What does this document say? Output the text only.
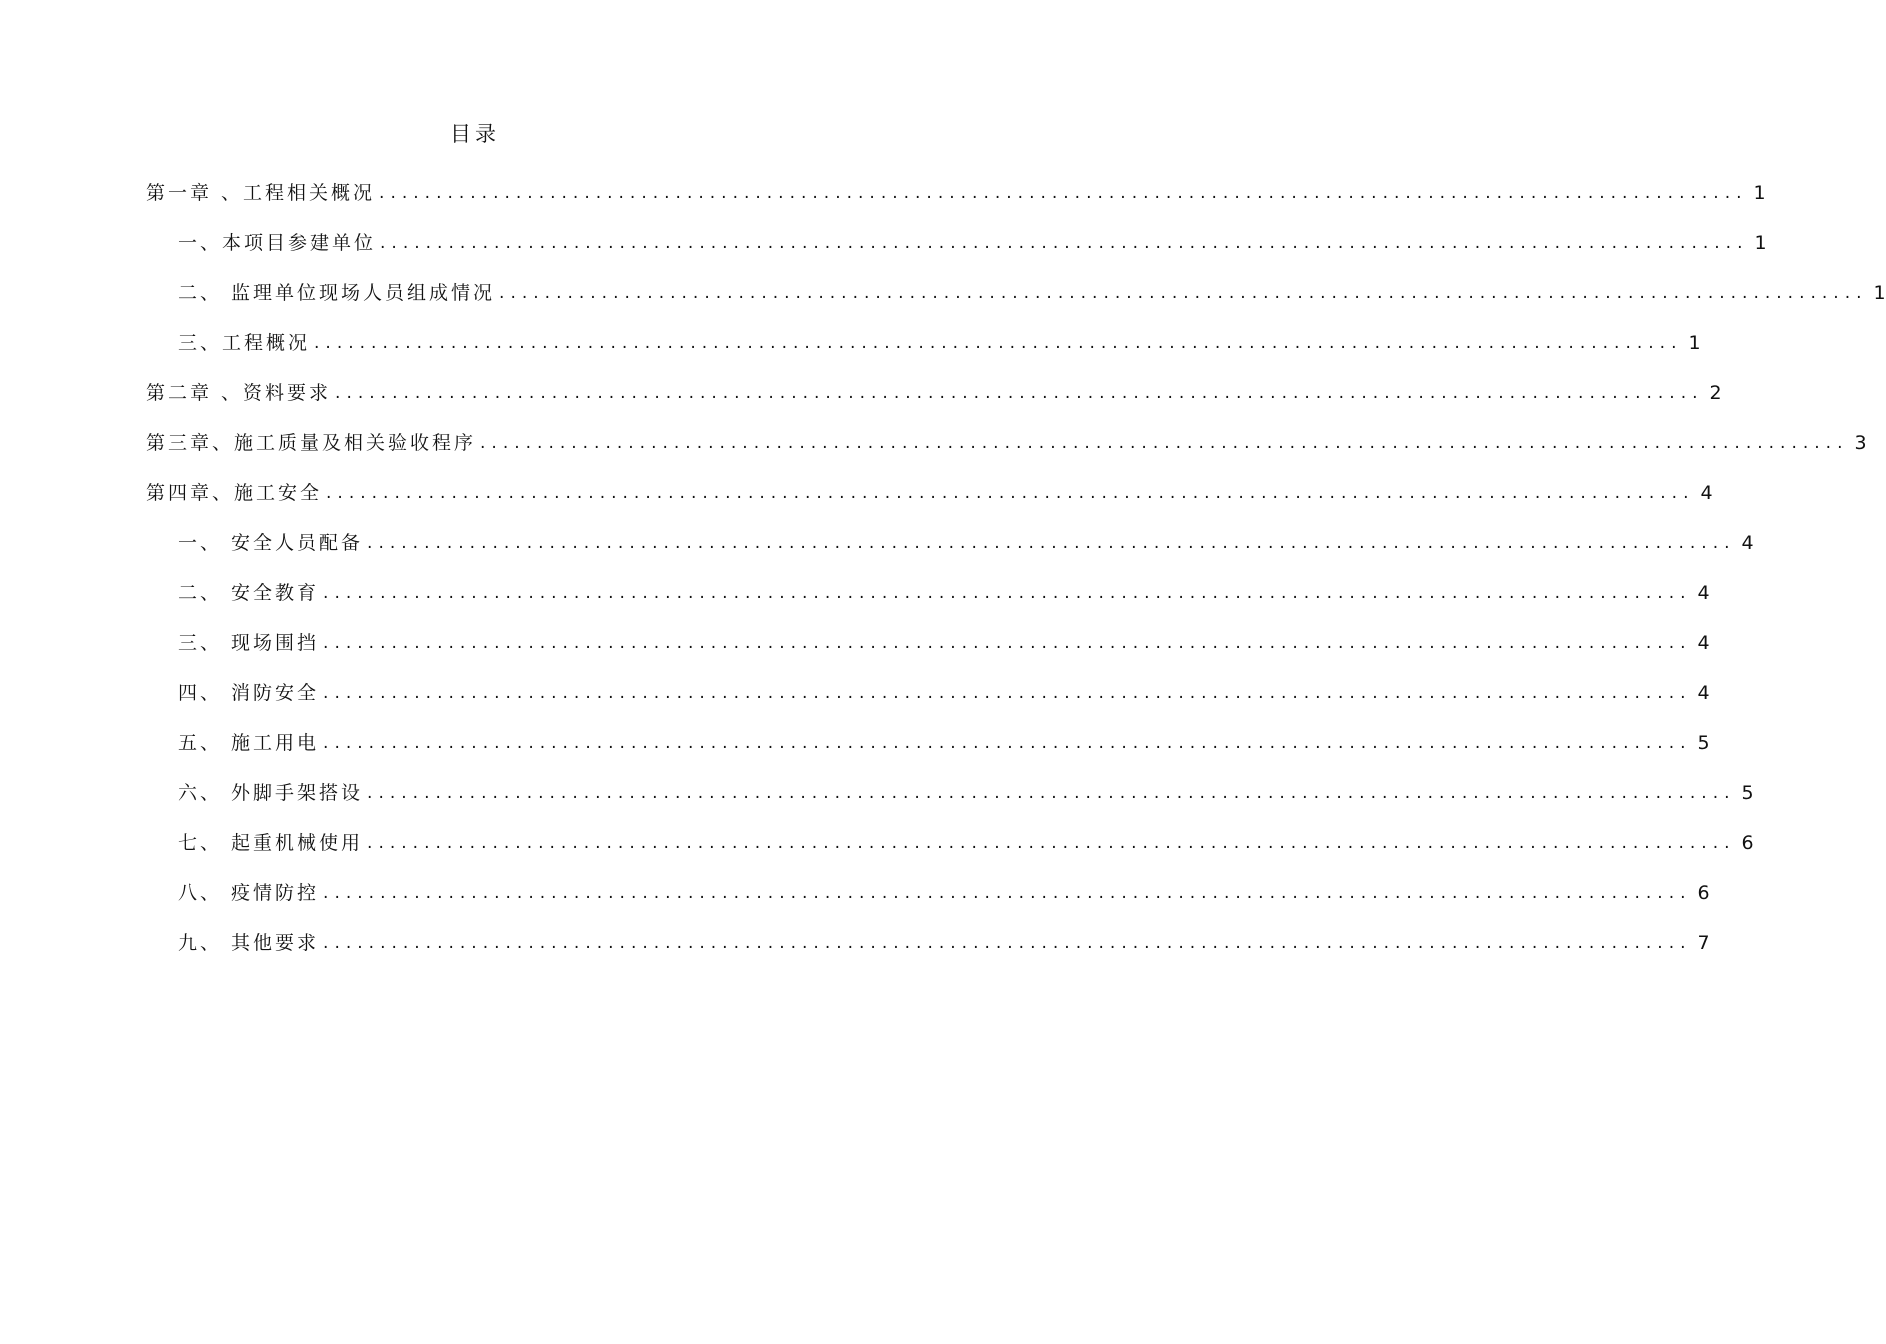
目录
第一章 、工程相关概况 ........................................................................................................................ 1
一、本项目参建单位 ........................................................................................................................ 1
二、 监理单位现场人员组成情况 ........................................................................................................................ 1
三、工程概况 ........................................................................................................................ 1
第二章 、资料要求 ........................................................................................................................ 2
第三章、施工质量及相关验收程序 ........................................................................................................................ 3
第四章、施工安全 ........................................................................................................................ 4
一、 安全人员配备 ........................................................................................................................ 4
二、 安全教育 ........................................................................................................................ 4
三、 现场围挡 ........................................................................................................................ 4
四、 消防安全 ........................................................................................................................ 4
五、 施工用电 ........................................................................................................................ 5
六、 外脚手架搭设 ........................................................................................................................ 5
七、 起重机械使用 ........................................................................................................................ 6
八、 疫情防控 ........................................................................................................................ 6
九、 其他要求 ........................................................................................................................ 7
